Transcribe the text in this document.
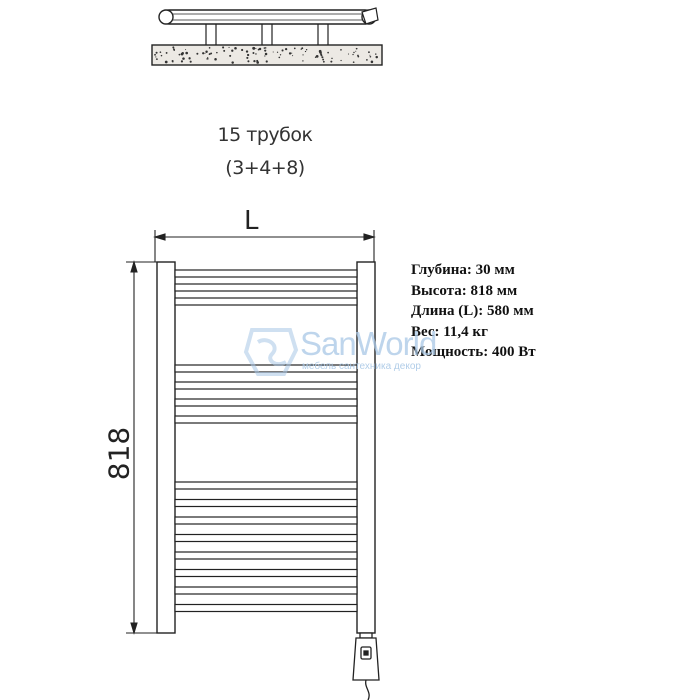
15 трубок
(3+4+8)
L
818
Глубина: 30 мм
Высота: 818 мм
Длина (L): 580 мм
Вес: 11,4 кг
Мощность: 400 Вт
SanWorld
мебель сантехника декор
